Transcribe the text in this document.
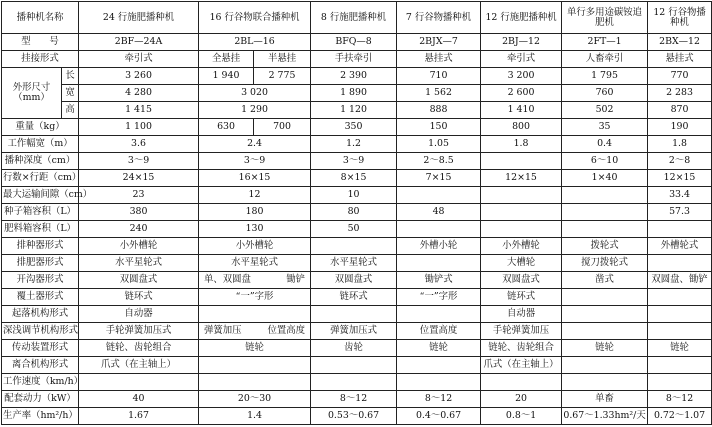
播种机名称		24 行施肥播种机	16 行谷物联合播种机		8 行施肥播种机	7 行谷物播种机	12 行施肥播种机	单行多用途碳铵追肥机	12 行谷物播种机
型　　号		2BF—24A	2BL—16		BFQ—8	2BJX—7	2BJ—12	2FT—1	2BX—12
挂接形式		牵引式	全悬挂	半悬挂	手扶牵引	悬挂式	牵引式	人畜牵引	悬挂式
外形尺寸（mm）	长	3 260	1 940	2 775	2 390	710	3 200	1 795	770
	宽	4 280	3 020		1 890	1 562	2 600	760	2 283
	高	1 415	1 290		1 120	888	1 410	502	870
重量（kg）		1 100	630	700	350	150	800	35	190
工作幅宽（m）		3.6	2.4		1.2	1.05	1.8	0.4	1.8
播种深度（cm）		3～9	3～9		3～9	2～8.5		6～10	2～8
行数×行距（cm）		24×15	16×15		8×15	7×15	12×15	1×40	12×15
最大运输间隙（cm）		23	12		10				33.4
种子箱容积（L）		380	180		80	48			57.3
肥料箱容积（L）		240	130		50				
排种器形式		小外槽轮	小外槽轮			外槽小轮	小外槽轮	拨轮式	外槽轮式
排肥器形式		水平星轮式	水平星轮式		水平星轮式		大槽轮	搅刀拨轮式	
开沟器形式		双圆盘式	单、双圆盘 锄铲		双圆盘式	锄铲式	双圆盘式	凿式	双圆盘、锄铲
覆土器形式		链环式	“一”字形		链环式	“一”字形	链环式		
起落机构形式		自动器					自动器		
深浅调节机构形式		手轮弹簧加压式	弹簧加压 位置高度		弹簧加压式	位置高度	手轮弹簧加压		
传动装置形式		链轮、齿轮组合	链轮		齿轮	链轮	链轮、齿轮组合	链轮	链轮
离合机构形式		爪式（在主轴上）					爪式（在主轴上）		
工作速度（km/h）									
配套动力（kW）		40	20～30		8～12	8～12	20	单畜	8～12
生产率（hm²/h）		1.67	1.4		0.53～0.67	0.4～0.67	0.8～1	0.67～1.33hm²/天	0.72～1.07
